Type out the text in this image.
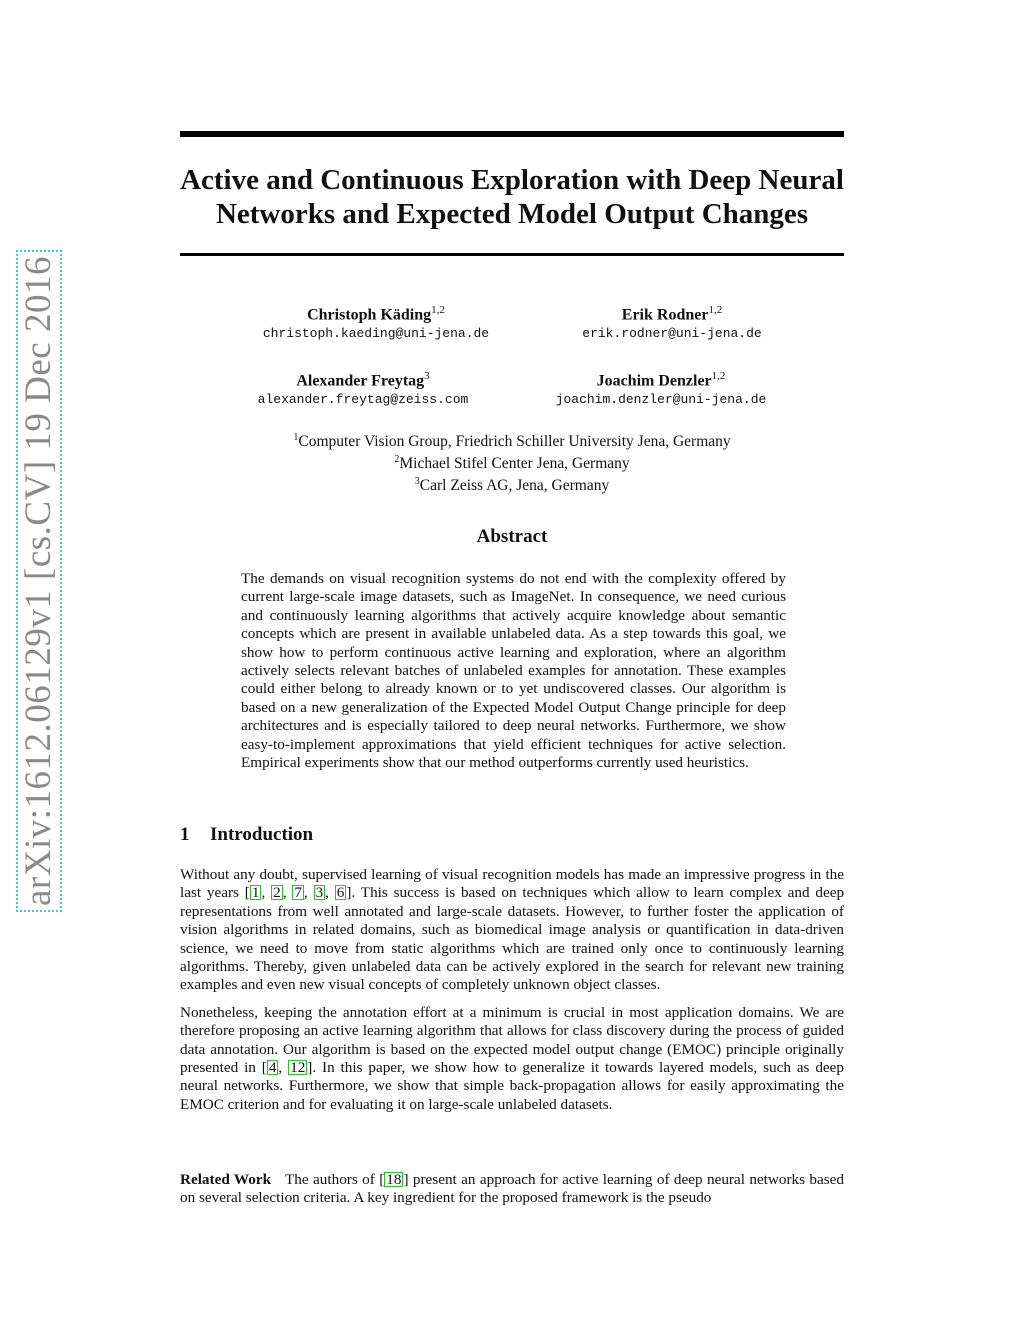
arXiv:1612.06129v1 [cs.CV] 19 Dec 2016
Active and Continuous Exploration with Deep Neural
Networks and Expected Model Output Changes
Christoph Käding$^{1,2}$
christoph.kaeding@uni-jena.de
Erik Rodner$^{1,2}$
erik.rodner@uni-jena.de
Alexander Freytag$^3$
alexander.freytag@zeiss.com
Joachim Denzler$^{1,2}$
joachim.denzler@uni-jena.de
$^1$Computer Vision Group, Friedrich Schiller University Jena, Germany
$^2$Michael Stifel Center Jena, Germany
$^3$Carl Zeiss AG, Jena, Germany
Abstract
The demands on visual recognition systems do not end with the complexity offered by current large-scale image datasets, such as ImageNet. In consequence, we need curious and continuously learning algorithms that actively acquire knowledge about semantic concepts which are present in available unlabeled data. As a step towards this goal, we show how to perform continuous active learning and exploration, where an algorithm actively selects relevant batches of unlabeled examples for annotation. These examples could either belong to already known or to yet undiscovered classes. Our algorithm is based on a new generalization of the Expected Model Output Change principle for deep architectures and is especially tailored to deep neural networks. Furthermore, we show easy-to-implement approximations that yield efficient techniques for active selection. Empirical experiments show that our method outperforms currently used heuristics.
1 Introduction

Without any doubt, supervised learning of visual recognition models has made an impressive progress in the last years [ 1 , 2 , 7 , 3 , 6 ]. This success is based on techniques which allow to learn complex and deep representations from well annotated and large-scale datasets. However, to further foster the application of vision algorithms in related domains, such as biomedical image analysis or quantification in data-driven science, we need to move from static algorithms which are trained only once to continuously learning algorithms. Thereby, given unlabeled data can be actively explored in the search for relevant new training examples and even new visual concepts of completely unknown object classes.

Nonetheless, keeping the annotation effort at a minimum is crucial in most application domains. We are therefore proposing an active learning algorithm that allows for class discovery during the process of guided data annotation. Our algorithm is based on the expected model output change (EMOC) principle originally presented in [ 4 , 12 ]. In this paper, we show how to generalize it towards layered models, such as deep neural networks. Furthermore, we show that simple back-propagation allows for easily approximating the EMOC criterion and for evaluating it on large-scale unlabeled datasets.

Related Work The authors of [ 18 ] present an approach for active learning of deep neural networks based on several selection criteria. A key ingredient for the proposed framework is the pseudo
